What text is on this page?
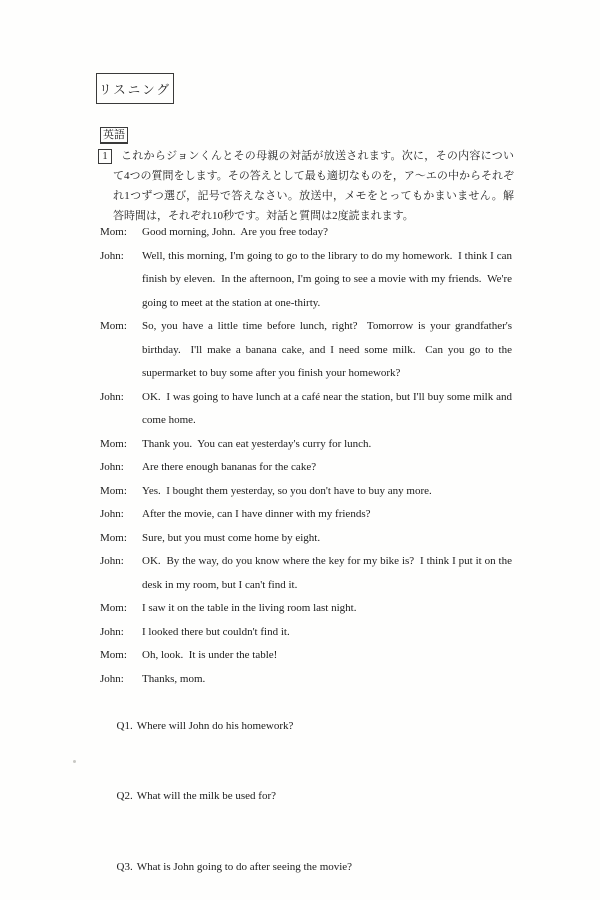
リスニング
英語
1	これからジョンくんとその母親の対話が放送されます。次に，その内容について4つの質問をします。その答えとして最も適切なものを，ア～エの中からそれぞれ1つずつ選び，記号で答えなさい。放送中，メモをとってもかまいません。解答時間は，それぞれ10秒です。対話と質問は2度読まれます。

Mom:	Good morning, John.  Are you free today?
John:	Well, this morning, I'm going to go to the library to do my homework.  I think I can finish by eleven.  In the afternoon, I'm going to see a movie with my friends.  We're going to meet at the station at one-thirty.
Mom:	So, you have a little time before lunch, right?  Tomorrow is your grandfather's birthday.  I'll make a banana cake, and I need some milk.  Can you go to the supermarket to buy some after you finish your homework?
John:	OK.  I was going to have lunch at a café near the station, but I'll buy some milk and come home.
Mom:	Thank you.  You can eat yesterday's curry for lunch.
John:	Are there enough bananas for the cake?
Mom:	Yes.  I bought them yesterday, so you don't have to buy any more.
John:	After the movie, can I have dinner with my friends?
Mom:	Sure, but you must come home by eight.
John:	OK.  By the way, do you know where the key for my bike is?  I think I put it on the desk in my room, but I can't find it.
Mom:	I saw it on the table in the living room last night.
John:	I looked there but couldn't find it.
Mom:	Oh, look.  It is under the table!
John:	Thanks, mom.

Q1. Where will John do his homework?

Q2. What will the milk be used for?

Q3. What is John going to do after seeing the movie?
